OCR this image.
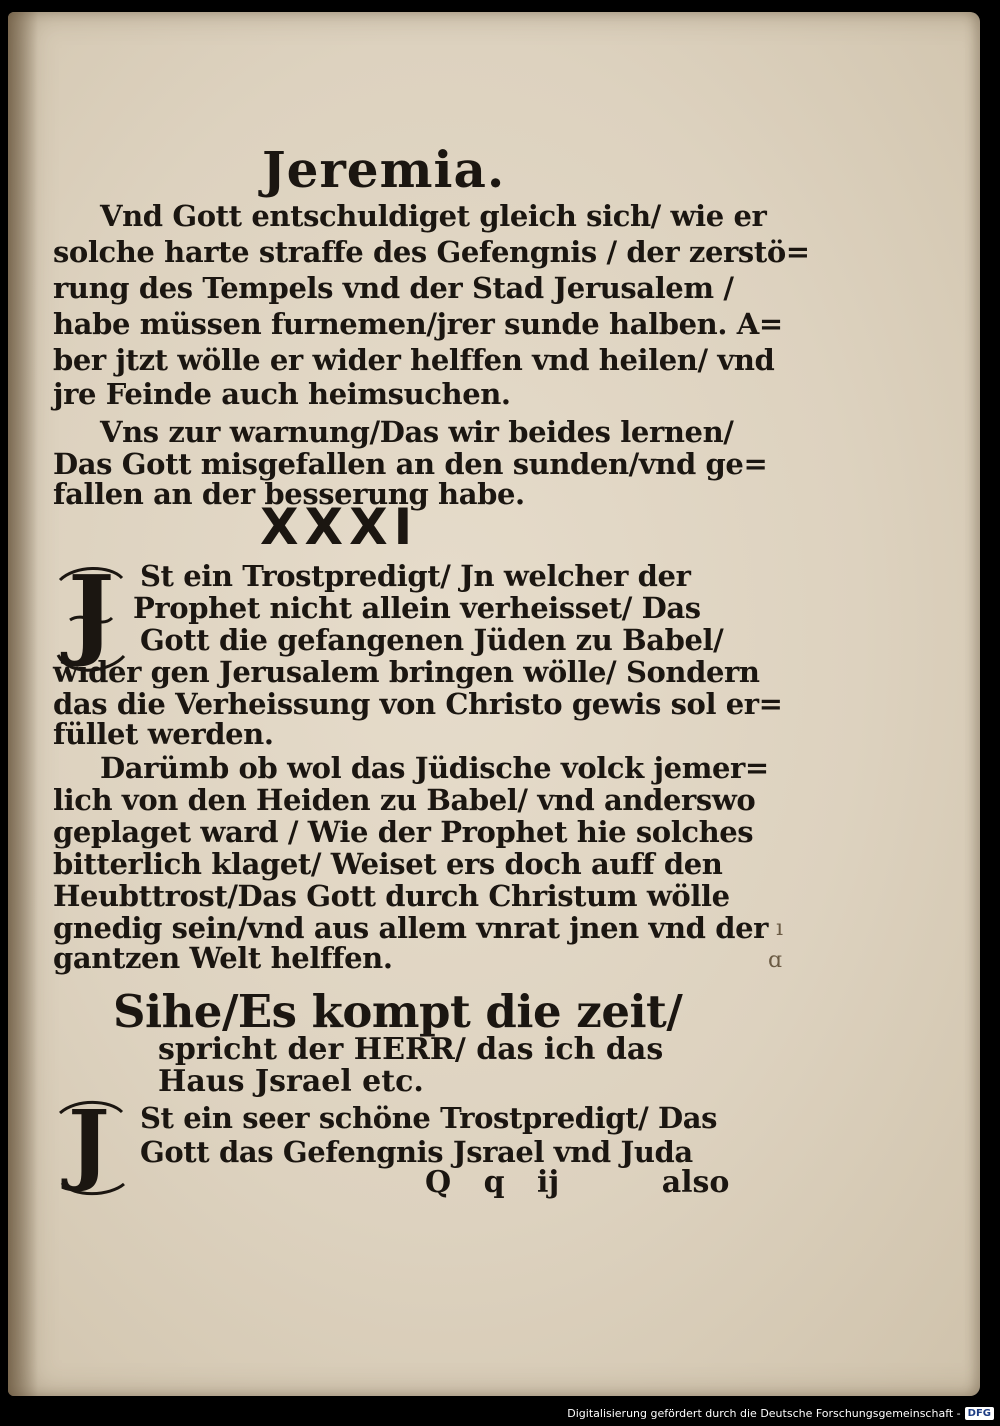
Jeremia.
Vnd Gott entschuldiget gleich sich/ wie er
solche harte straffe des Gefengnis / der zerstö=
rung des Tempels vnd der Stad Jerusalem /
habe müssen furnemen/jrer sunde halben. A=
ber jtzt wölle er wider helffen vnd heilen/ vnd
jre Feinde auch heimsuchen.
Vns zur warnung/Das wir beides lernen/
Das Gott misgefallen an den sunden/vnd ge=
fallen an der besserung habe.
XXXI
J St ein Trostpredigt/ Jn welcher der
Prophet nicht allein verheisset/ Das
Gott die gefangenen Jüden zu Babel/
wider gen Jerusalem bringen wölle/ Sondern
das die Verheissung von Christo gewis sol er=
füllet werden.
Darümb ob wol das Jüdische volck jemer=
lich von den Heiden zu Babel/ vnd anderswo
geplaget ward / Wie der Prophet hie solches
bitterlich klaget/ Weiset ers doch auff den
Heubttrost/Das Gott durch Christum wölle
gnedig sein/vnd aus allem vnrat jnen vnd der
gantzen Welt helffen.
Sihe/Es kompt die zeit/
spricht der HERR/ das ich das
Haus Jsrael etc.
J St ein seer schöne Trostpredigt/ Das
Gott das Gefengnis Jsrael vnd Juda
Q q ij	also
ı
ɑ
Digitalisierung gefördert durch die Deutsche Forschungsgemeinschaft - DFG
